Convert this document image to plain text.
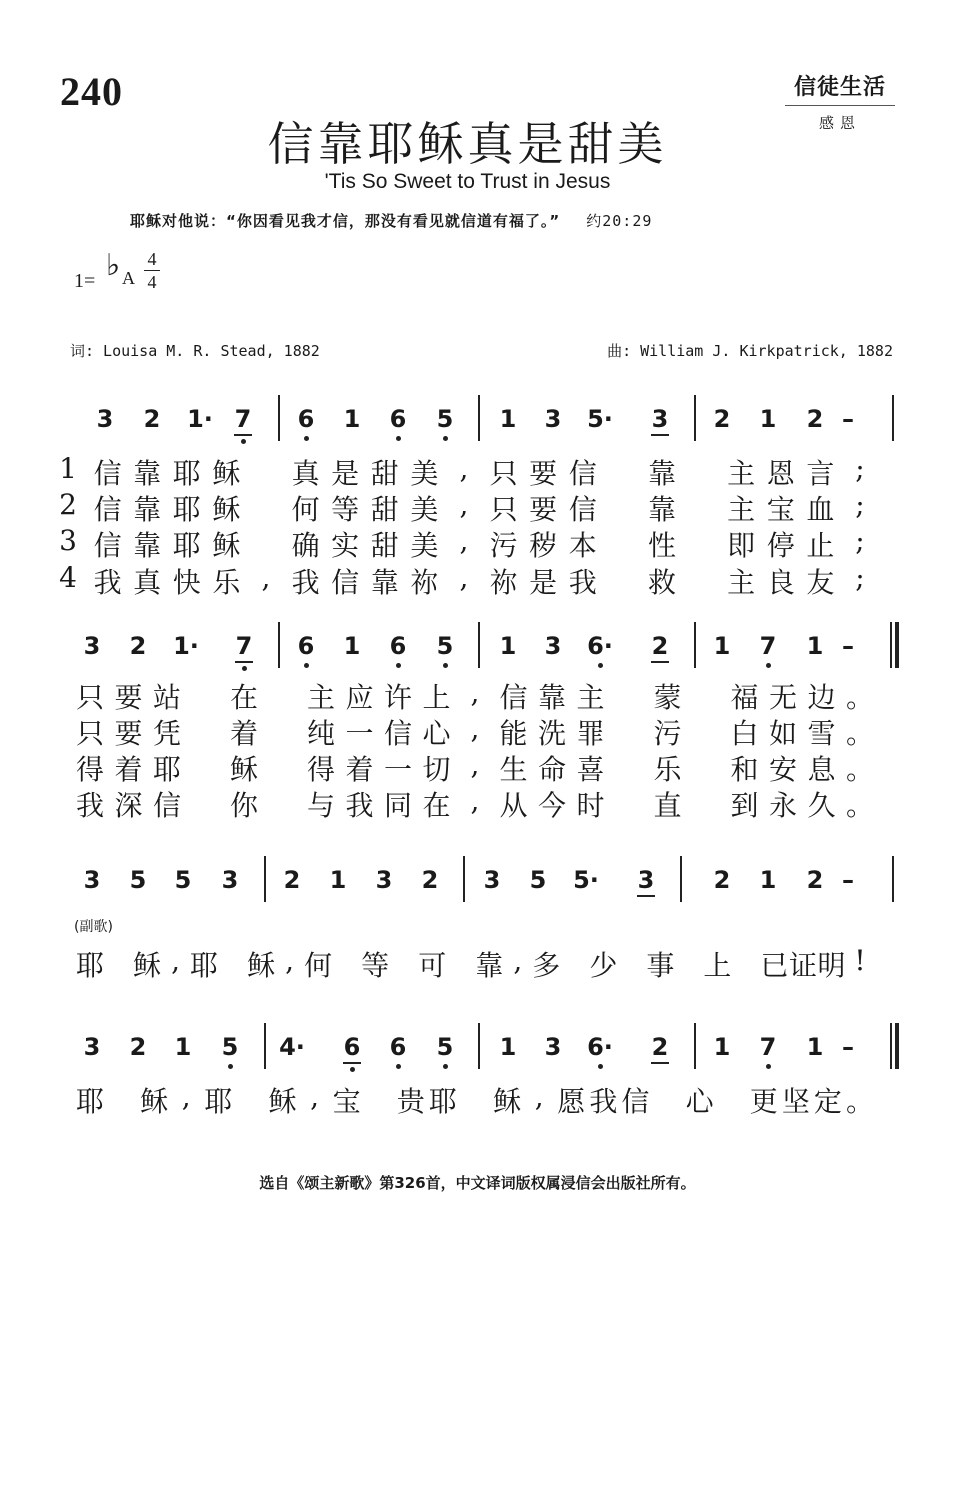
240	信徒生活
感恩
信靠耶稣真是甜美
'Tis So Sweet to Trust in Jesus
耶稣对他说：“你因看见我才信，那没有看见就信道有福了。” 约20:29
1= ♭ A
4
4
词: Louisa M. R. Stead, 1882	曲: William J. Kirkpatrick, 1882
3 2 1· 7 6 1 6 5 1 3 5· 3 2 1 2 –
1 信 靠 耶 稣 真 是 甜 美 , 只 要 信 靠 主 恩 言 ;
2 信 靠 耶 稣 何 等 甜 美 , 只 要 信 靠 主 宝 血 ;
3 信 靠 耶 稣 确 实 甜 美 , 污 秽 本 性 即 停 止 ;
4 我 真 快 乐 , 我 信 靠 祢 , 祢 是 我 救 主 良 友 ;
3 2 1· 7 6 1 6 5 1 3 6· 2 1 7 1 –
只 要 站 在 主 应 许 上 , 信 靠 主 蒙 福 无 边 。
只 要 凭 着 纯 一 信 心 , 能 洗 罪 污 白 如 雪 。
得 着 耶 稣 得 着 一 切 , 生 命 喜 乐 和 安 息 。
我 深 信 你 与 我 同 在 , 从 今 时 直 到 永 久 。
3 5 5 3 2 1 3 2 3 5 5· 3 2 1 2 –
耶 稣 , 耶 稣 , 何 等 可 靠 , 多 少 事 上 已 证 明 !
3 2 1 5 4· 6 6 5 1 3 6· 2 1 7 1 –
耶 稣 , 耶 稣 , 宝 贵 耶 稣 , 愿 我 信 心 更 坚 定 。
(副歌)
选自《颂主新歌》第326首，中文译词版权属浸信会出版社所有。
